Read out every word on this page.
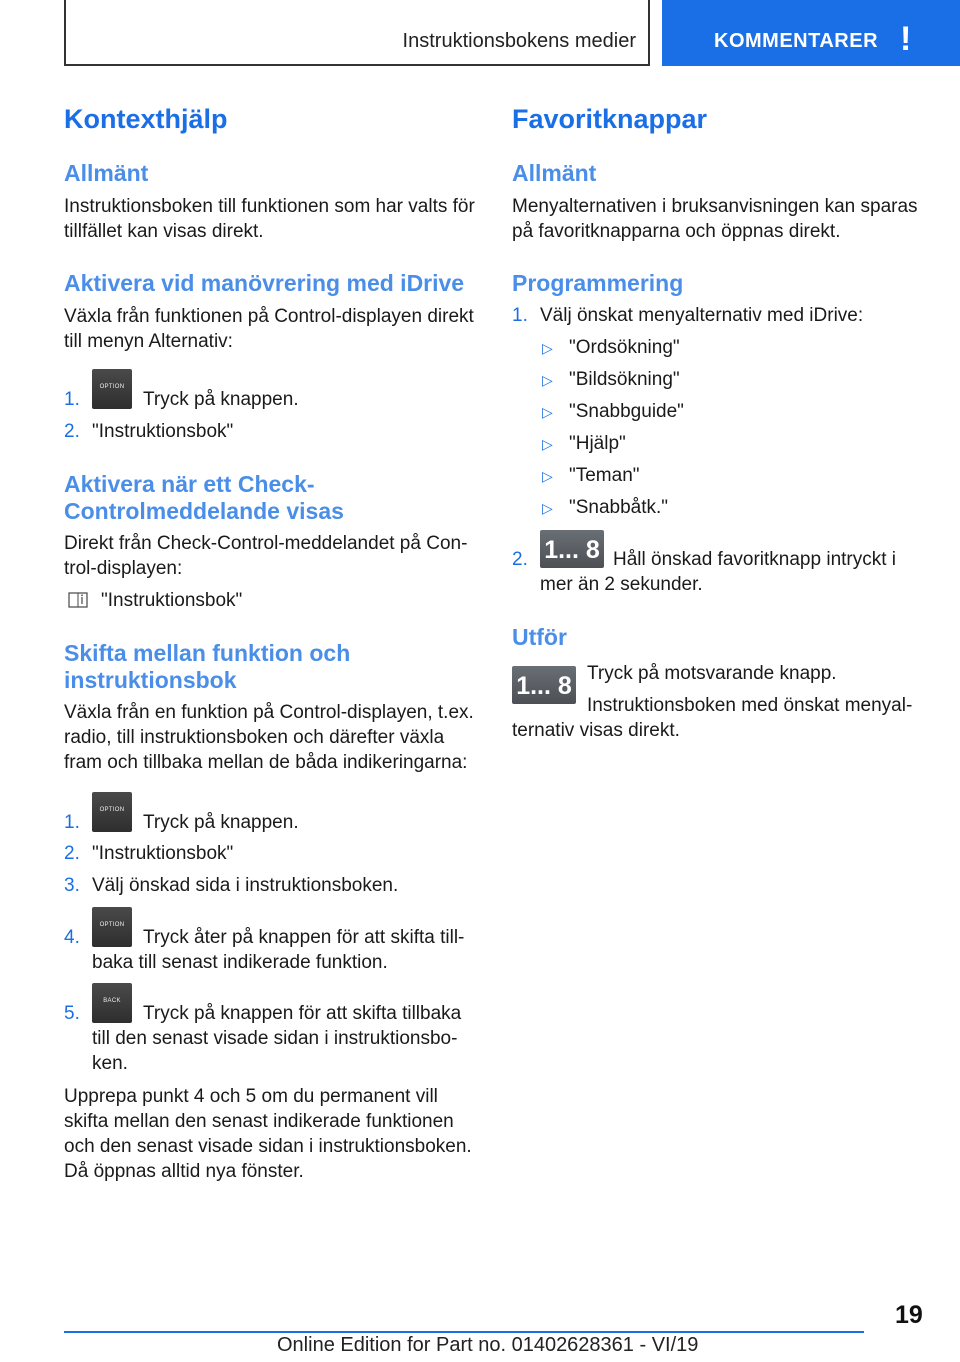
Instruktionsbokens medier	KOMMENTARER !
Kontexthjälp
Allmänt
Instruktionsboken till funktionen som har valts för
tillfället kan visas direkt.
Aktivera vid manövrering med iDrive
Växla från funktionen på Control-displayen direkt
till menyn Alternativ:
1.
OPTION
Tryck på knappen.
2. "Instruktionsbok"
Aktivera när ett Check-
Controlmeddelande visas
Direkt från Check-Control-meddelandet på Con-
trol-displayen:
"Instruktionsbok"
Skifta mellan funktion och
instruktionsbok
Växla från en funktion på Control-displayen, t.ex.
radio, till instruktionsboken och därefter växla
fram och tillbaka mellan de båda indikeringarna:
1.
OPTION
Tryck på knappen.
2. "Instruktionsbok"
3. Välj önskad sida i instruktionsboken.
4.
OPTION
Tryck åter på knappen för att skifta till-
baka till senast indikerade funktion.
5.
BACK
Tryck på knappen för att skifta tillbaka
till den senast visade sidan i instruktionsbo-
ken.
Upprepa punkt 4 och 5 om du permanent vill
skifta mellan den senast indikerade funktionen
och den senast visade sidan i instruktionsboken.
Då öppnas alltid nya fönster.
Favoritknappar
Allmänt
Menyalternativen i bruksanvisningen kan sparas
på favoritknapparna och öppnas direkt.
Programmering
1. Välj önskat menyalternativ med iDrive:
▷ "Ordsökning"
▷ "Bildsökning"
▷ "Snabbguide"
▷ "Hjälp"
▷ "Teman"
▷ "Snabbåtk."
2. 1... 8 Håll önskad favoritknapp intryckt i
mer än 2 sekunder.
Utför
1... 8 Tryck på motsvarande knapp.
Instruktionsboken med önskat menyal-
ternativ visas direkt.
19
Online Edition for Part no. 01402628361 - VI/19
